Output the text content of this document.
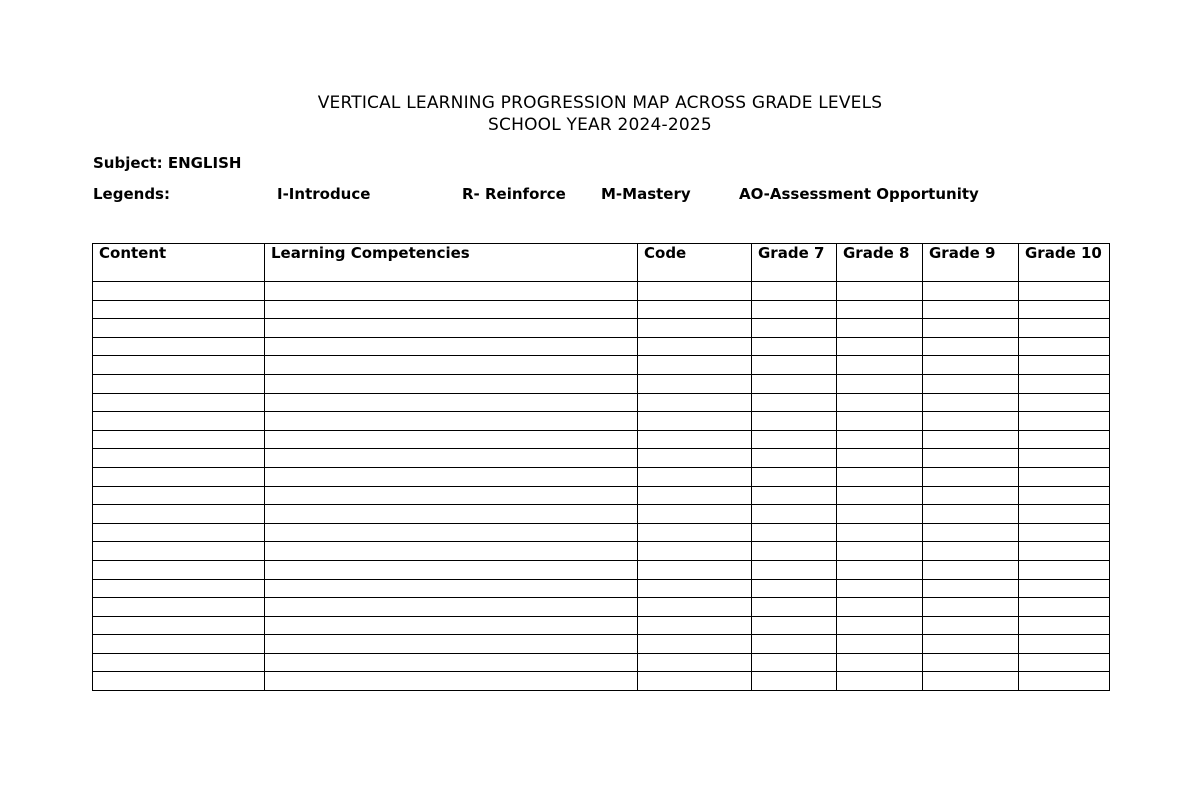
VERTICAL LEARNING PROGRESSION MAP ACROSS GRADE LEVELS
SCHOOL YEAR 2024-2025
Subject: ENGLISH
Legends:	I-Introduce	R- Reinforce M-Mastery	AO-Assessment Opportunity
Content	Learning Competencies	Code	Grade 7	Grade 8	Grade 9	Grade 10
